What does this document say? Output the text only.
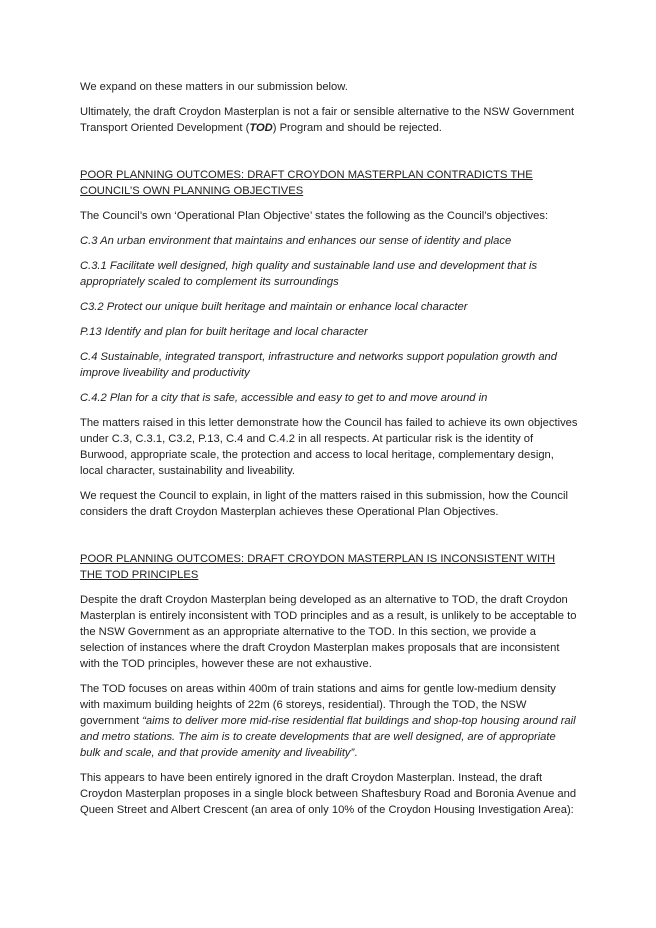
We expand on these matters in our submission below.

Ultimately, the draft Croydon Masterplan is not a fair or sensible alternative to the NSW Government Transport Oriented Development (TOD) Program and should be rejected.

POOR PLANNING OUTCOMES: DRAFT CROYDON MASTERPLAN CONTRADICTS THE COUNCIL’S OWN PLANNING OBJECTIVES

The Council’s own ‘Operational Plan Objective’ states the following as the Council’s objectives:

C.3 An urban environment that maintains and enhances our sense of identity and place

C.3.1 Facilitate well designed, high quality and sustainable land use and development that is appropriately scaled to complement its surroundings

C3.2 Protect our unique built heritage and maintain or enhance local character

P.13 Identify and plan for built heritage and local character

C.4 Sustainable, integrated transport, infrastructure and networks support population growth and improve liveability and productivity

C.4.2 Plan for a city that is safe, accessible and easy to get to and move around in

The matters raised in this letter demonstrate how the Council has failed to achieve its own objectives under C.3, C.3.1, C3.2, P.13, C.4 and C.4.2 in all respects. At particular risk is the identity of Burwood, appropriate scale, the protection and access to local heritage, complementary design, local character, sustainability and liveability.

We request the Council to explain, in light of the matters raised in this submission, how the Council considers the draft Croydon Masterplan achieves these Operational Plan Objectives.

POOR PLANNING OUTCOMES: DRAFT CROYDON MASTERPLAN IS INCONSISTENT WITH THE TOD PRINCIPLES

Despite the draft Croydon Masterplan being developed as an alternative to TOD, the draft Croydon Masterplan is entirely inconsistent with TOD principles and as a result, is unlikely to be acceptable to the NSW Government as an appropriate alternative to the TOD. In this section, we provide a selection of instances where the draft Croydon Masterplan makes proposals that are inconsistent with the TOD principles, however these are not exhaustive.

The TOD focuses on areas within 400m of train stations and aims for gentle low-medium density with maximum building heights of 22m (6 storeys, residential). Through the TOD, the NSW government “aims to deliver more mid-rise residential flat buildings and shop-top housing around rail and metro stations. The aim is to create developments that are well designed, are of appropriate bulk and scale, and that provide amenity and liveability”.

This appears to have been entirely ignored in the draft Croydon Masterplan. Instead, the draft Croydon Masterplan proposes in a single block between Shaftesbury Road and Boronia Avenue and Queen Street and Albert Crescent (an area of only 10% of the Croydon Housing Investigation Area):
